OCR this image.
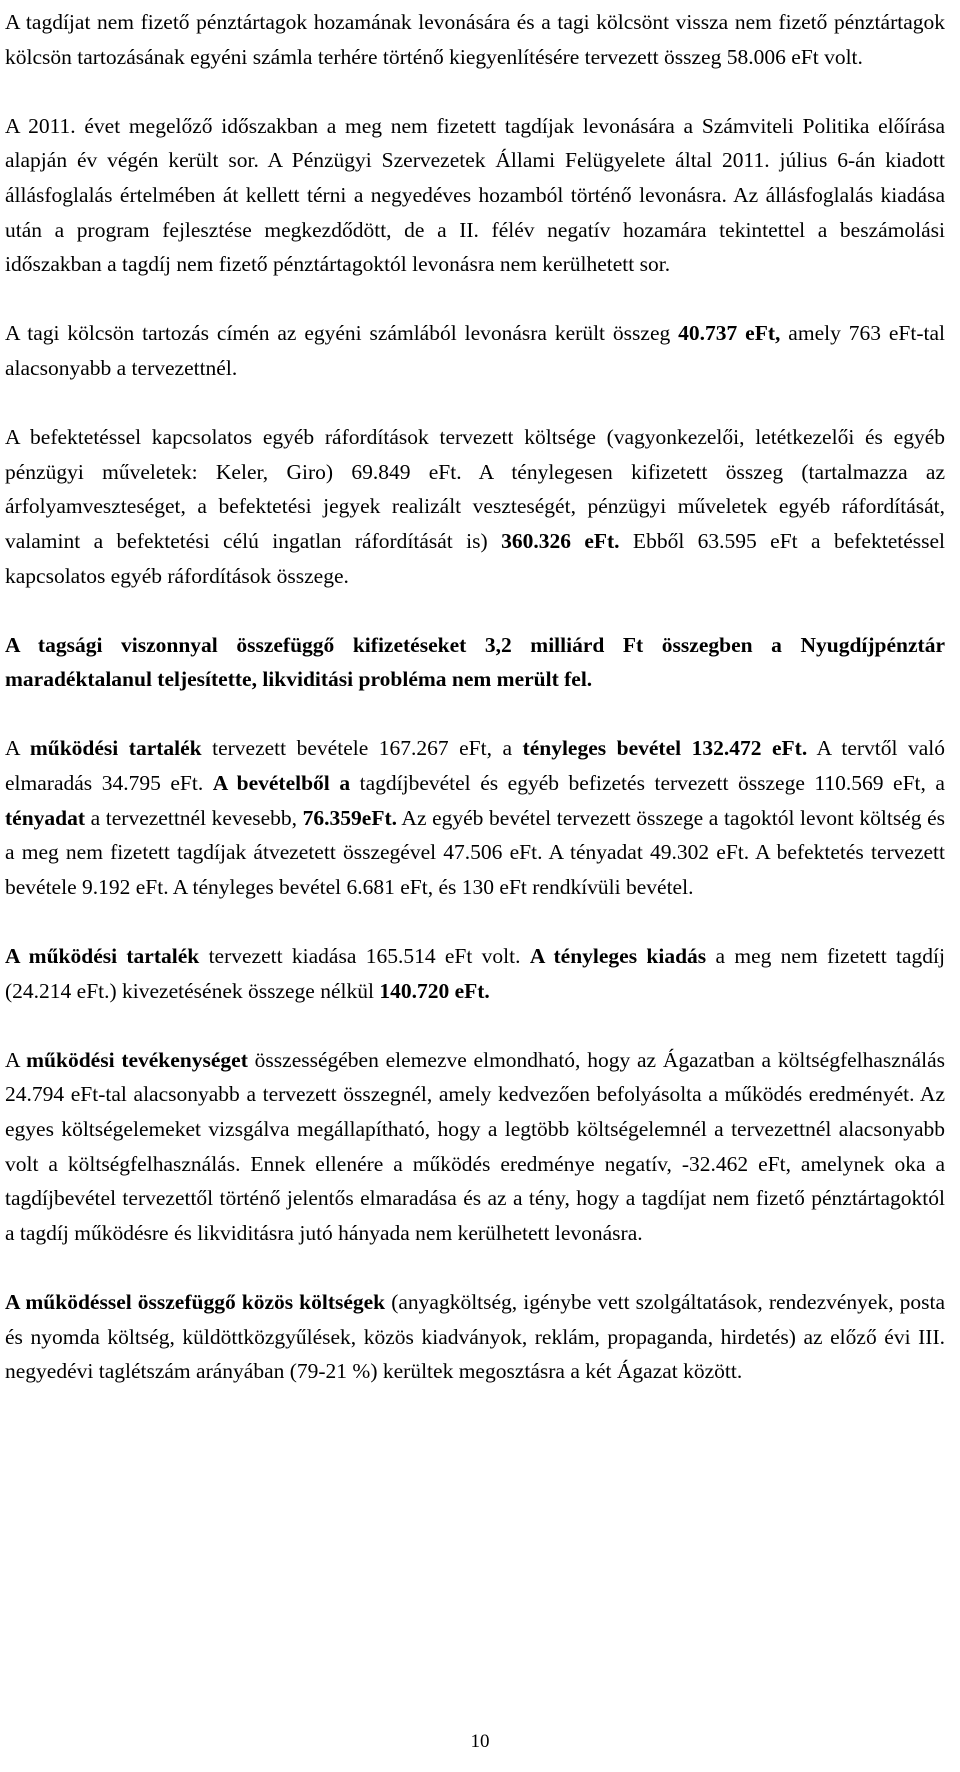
A tagdíjat nem fizető pénztártagok hozamának levonására és a tagi kölcsönt vissza nem fizető pénztártagok kölcsön tartozásának egyéni számla terhére történő kiegyenlítésére tervezett összeg 58.006 eFt volt.

A 2011. évet megelőző időszakban a meg nem fizetett tagdíjak levonására a Számviteli Politika előírása alapján év végén került sor. A Pénzügyi Szervezetek Állami Felügyelete által 2011. július 6-án kiadott állásfoglalás értelmében át kellett térni a negyedéves hozamból történő levonásra. Az állásfoglalás kiadása után a program fejlesztése megkezdődött, de a II. félév negatív hozamára tekintettel a beszámolási időszakban a tagdíj nem fizető pénztártagoktól levonásra nem kerülhetett sor.

A tagi kölcsön tartozás címén az egyéni számlából levonásra került összeg 40.737 eFt, amely 763 eFt-tal alacsonyabb a tervezettnél.

A befektetéssel kapcsolatos egyéb ráfordítások tervezett költsége (vagyonkezelői, letétkezelői és egyéb pénzügyi műveletek: Keler, Giro) 69.849 eFt. A ténylegesen kifizetett összeg (tartalmazza az árfolyamveszteséget, a befektetési jegyek realizált veszteségét, pénzügyi műveletek egyéb ráfordítását, valamint a befektetési célú ingatlan ráfordítását is) 360.326 eFt. Ebből 63.595 eFt a befektetéssel kapcsolatos egyéb ráfordítások összege.

A tagsági viszonnyal összefüggő kifizetéseket 3,2 milliárd Ft összegben a Nyugdíjpénztár maradéktalanul teljesítette, likviditási probléma nem merült fel.

A működési tartalék tervezett bevétele 167.267 eFt, a tényleges bevétel 132.472 eFt. A tervtől való elmaradás 34.795 eFt. A bevételből a tagdíjbevétel és egyéb befizetés tervezett összege 110.569 eFt, a tényadat a tervezettnél kevesebb, 76.359eFt. Az egyéb bevétel tervezett összege a tagoktól levont költség és a meg nem fizetett tagdíjak átvezetett összegével 47.506 eFt. A tényadat 49.302 eFt. A befektetés tervezett bevétele 9.192 eFt. A tényleges bevétel 6.681 eFt, és 130 eFt rendkívüli bevétel.

A működési tartalék tervezett kiadása 165.514 eFt volt. A tényleges kiadás a meg nem fizetett tagdíj (24.214 eFt.) kivezetésének összege nélkül 140.720 eFt.

A működési tevékenységet összességében elemezve elmondható, hogy az Ágazatban a költségfelhasználás 24.794 eFt-tal alacsonyabb a tervezett összegnél, amely kedvezően befolyásolta a működés eredményét. Az egyes költségelemeket vizsgálva megállapítható, hogy a legtöbb költségelemnél a tervezettnél alacsonyabb volt a költségfelhasználás. Ennek ellenére a működés eredménye negatív, -32.462 eFt, amelynek oka a tagdíjbevétel tervezettől történő jelentős elmaradása és az a tény, hogy a tagdíjat nem fizető pénztártagoktól a tagdíj működésre és likviditásra jutó hányada nem kerülhetett levonásra.

A működéssel összefüggő közös költségek (anyagköltség, igénybe vett szolgáltatások, rendezvények, posta és nyomda költség, küldöttközgyűlések, közös kiadványok, reklám, propaganda, hirdetés) az előző évi III. negyedévi taglétszám arányában (79-21 %) kerültek megosztásra a két Ágazat között.

10
